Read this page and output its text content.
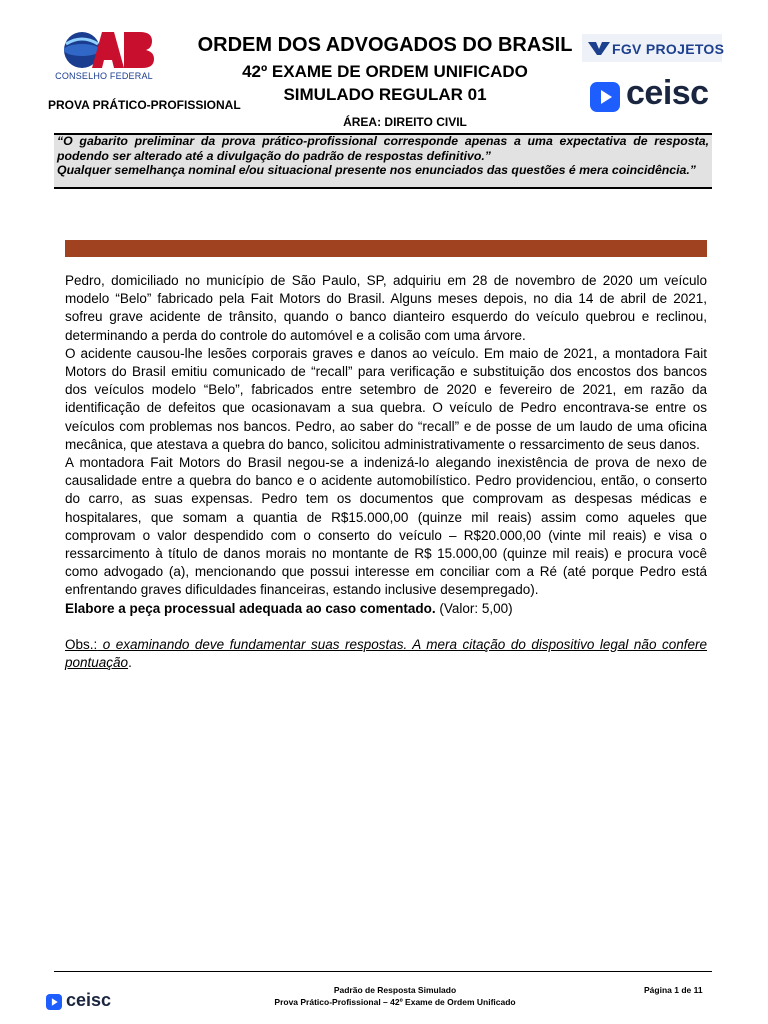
CONSELHO FEDERAL
ORDEM DOS ADVOGADOS DO BRASIL
42º EXAME DE ORDEM UNIFICADO
SIMULADO REGULAR 01
PROVA PRÁTICO-PROFISSIONAL
ÁREA: DIREITO CIVIL
FGV PROJETOS
ceisc
“O gabarito preliminar da prova prático-profissional corresponde apenas a uma expectativa de resposta, podendo ser alterado até a divulgação do padrão de respostas definitivo.”
Qualquer semelhança nominal e/ou situacional presente nos enunciados das questões é mera coincidência.”

Pedro, domiciliado no município de São Paulo, SP, adquiriu em 28 de novembro de 2020 um veículo modelo “Belo” fabricado pela Fait Motors do Brasil. Alguns meses depois, no dia 14 de abril de 2021, sofreu grave acidente de trânsito, quando o banco dianteiro esquerdo do veículo quebrou e reclinou, determinando a perda do controle do automóvel e a colisão com uma árvore.

O acidente causou-lhe lesões corporais graves e danos ao veículo. Em maio de 2021, a montadora Fait Motors do Brasil emitiu comunicado de “recall” para verificação e substituição dos encostos dos bancos dos veículos modelo “Belo”, fabricados entre setembro de 2020 e fevereiro de 2021, em razão da identificação de defeitos que ocasionavam a sua quebra. O veículo de Pedro encontrava-se entre os veículos com problemas nos bancos. Pedro, ao saber do “recall” e de posse de um laudo de uma oficina mecânica, que atestava a quebra do banco, solicitou administrativamente o ressarcimento de seus danos.

A montadora Fait Motors do Brasil negou-se a indenizá-lo alegando inexistência de prova de nexo de causalidade entre a quebra do banco e o acidente automobilístico. Pedro providenciou, então, o conserto do carro, as suas expensas. Pedro tem os documentos que comprovam as despesas médicas e hospitalares, que somam a quantia de R$15.000,00 (quinze mil reais) assim como aqueles que comprovam o valor despendido com o conserto do veículo – R$20.000,00 (vinte mil reais) e visa o ressarcimento à título de danos morais no montante de R$ 15.000,00 (quinze mil reais) e procura você como advogado (a), mencionando que possui interesse em conciliar com a Ré (até porque Pedro está enfrentando graves dificuldades financeiras, estando inclusive desempregado).

Elabore a peça processual adequada ao caso comentado. (Valor: 5,00)

Obs.: o examinando deve fundamentar suas respostas. A mera citação do dispositivo legal não confere pontuação.

Padrão de Resposta Simulado
Prova Prático-Profissional – 42º Exame de Ordem Unificado
Página 1 de 11
ceisc
